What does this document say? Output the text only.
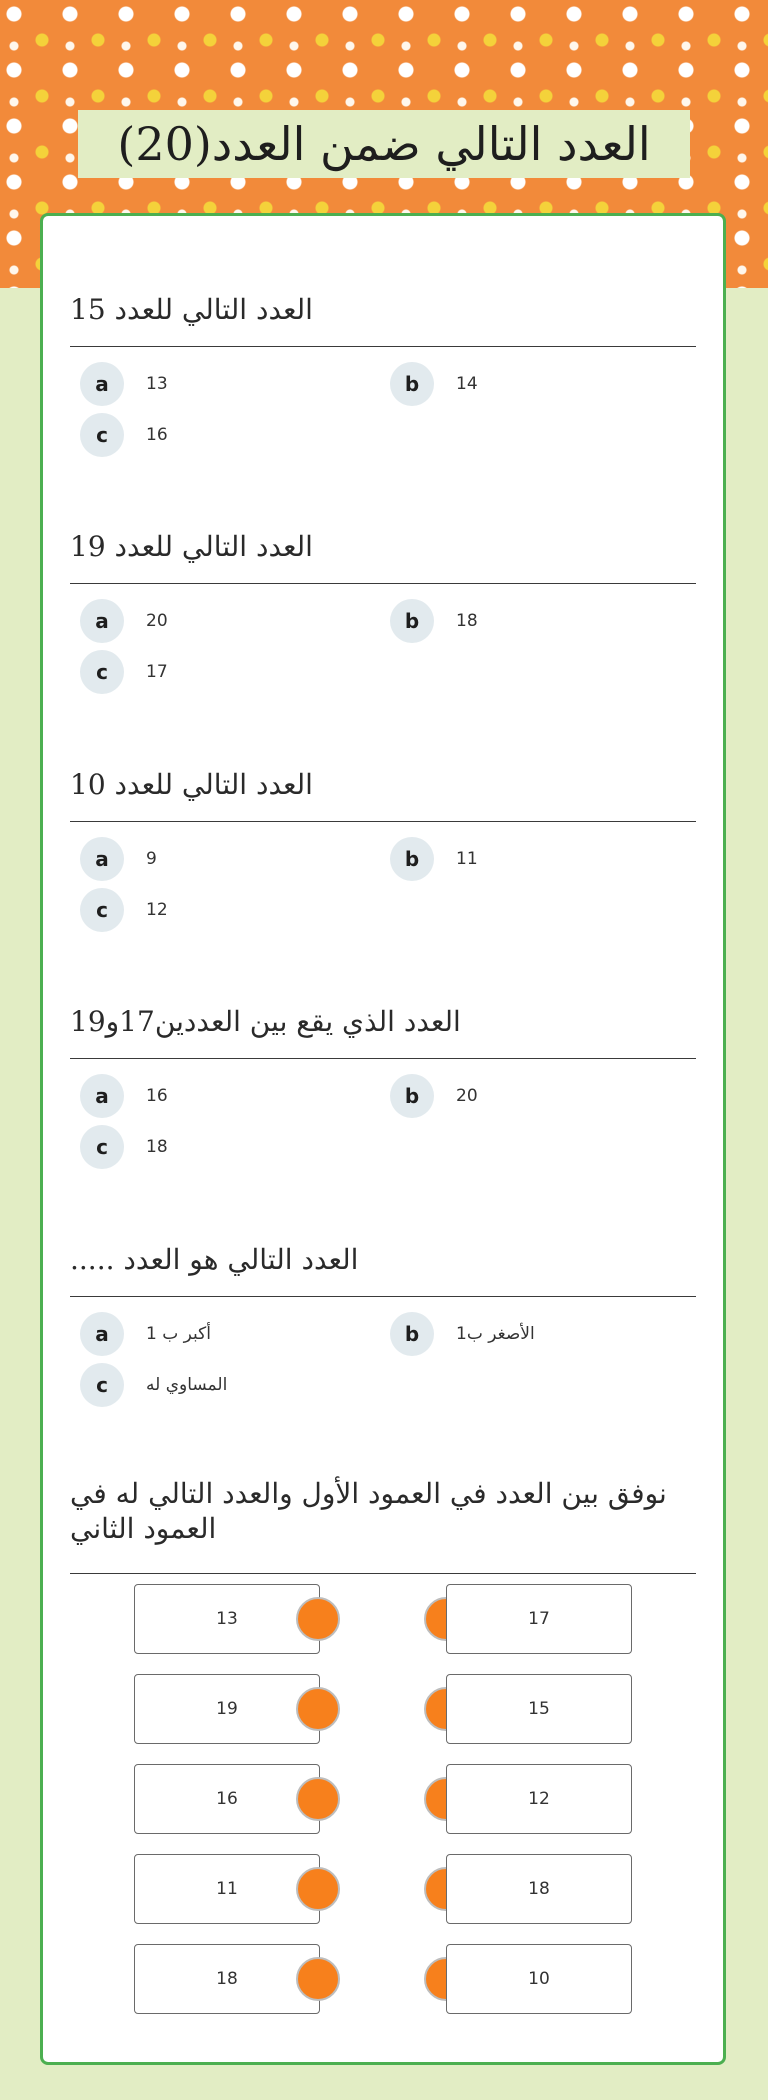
العدد التالي ضمن العدد(20)
العدد التالي للعدد 15
a	13	b	14
c	16
العدد التالي للعدد 19
a	20	b	18
c	17
العدد التالي للعدد 10
a	9	b	11
c	12
العدد الذي يقع بين العددين17و19
a	16	b	20
c	18
العدد التالي هو العدد .....
a	أكبر ب 1	b	الأصغر ب1
c	المساوي له
نوفق بين العدد في العمود الأول والعدد التالي له في العمود الثاني
13	17
19	15
16	12
11	18
18	10
